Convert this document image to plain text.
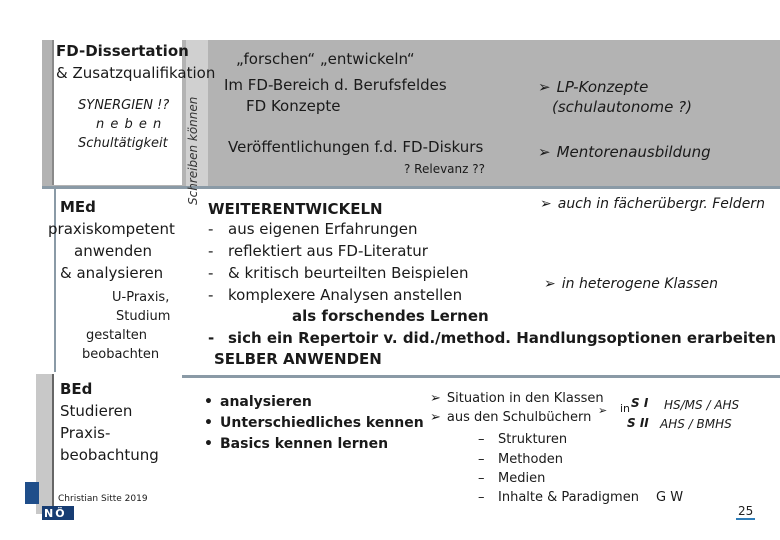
FD-Dissertation
& Zusatzqualifikation
SYNERGIEN !?
n e b e n
Schultätigkeit
„forschen“ „entwickeln“
Im FD-Bereich d. Berufsfeldes
FD Konzepte
Veröffentlichungen f.d. FD-Diskurs
? Relevanz ??
➢ LP-Konzepte
(schulautonome ?)
➢ Mentorenausbildung
MEd
praxiskompetent
anwenden
& analysieren
U-Praxis,
Studium
gestalten
beobachten
WEITERENTWICKELN
- aus eigenen Erfahrungen
- reflektiert aus FD-Literatur
- & kritisch beurteilten Beispielen
- komplexere Analysen anstellen
als forschendes Lernen
- sich ein Repertoir v. did./method. Handlungsoptionen erarbeiten
SELBER ANWENDEN
➢ auch in fächerübergr. Feldern
➢ in heterogene Klassen
BEd
Studieren
Praxis-
beobachtung
Christian Sitte 2019
• analysieren
• Unterschiedliches kennen
• Basics kennen lernen
➢ Situation in den Klassen
➢ aus den Schulbüchern ➢ in S I HS/MS / AHS
S II AHS / BMHS
– Strukturen
– Methoden
– Medien
– Inhalte & Paradigmen G W
NÖ	25
